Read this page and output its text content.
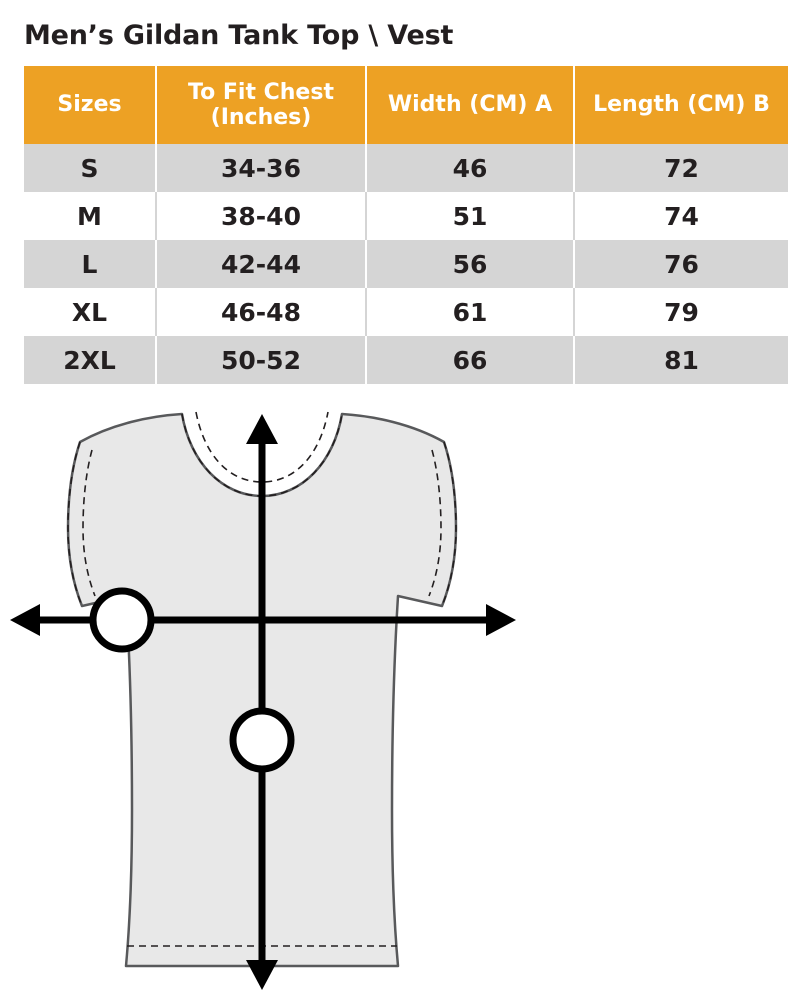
Men’s Gildan Tank Top \ Vest
Sizes	To Fit Chest (Inches)	Width (CM) A	Length (CM) B
S	34-36	46	72
M	38-40	51	74
L	42-44	56	76
XL	46-48	61	79
2XL	50-52	66	81
A
B
